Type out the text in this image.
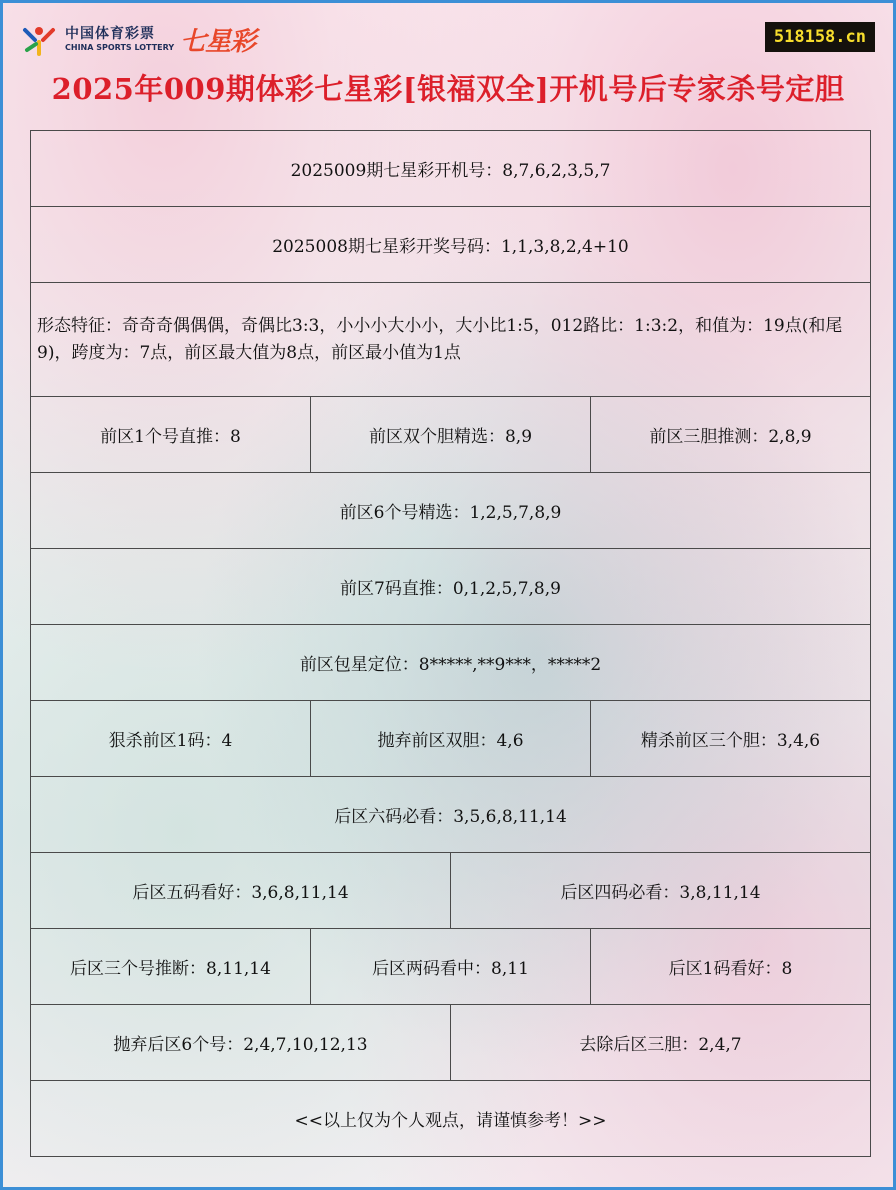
中国体育彩票
CHINA SPORTS LOTTERY 七星彩	518158.cn
2025年009期体彩七星彩[银福双全]开机号后专家杀号定胆
2025009期七星彩开机号：8,7,6,2,3,5,7
2025008期七星彩开奖号码：1,1,3,8,2,4+10
形态特征：奇奇奇偶偶偶，奇偶比3:3，小小小大小小，大小比1:5，012路比：1:3:2，和值为：19点(和尾9)，跨度为：7点，前区最大值为8点，前区最小值为1点
前区1个号直推：8	前区双个胆精选：8,9	前区三胆推测：2,8,9
前区6个号精选：1,2,5,7,8,9
前区7码直推：0,1,2,5,7,8,9
前区包星定位：8*****,**9***，*****2
狠杀前区1码：4	抛弃前区双胆：4,6	精杀前区三个胆：3,4,6
后区六码必看：3,5,6,8,11,14
后区五码看好：3,6,8,11,14	后区四码必看：3,8,11,14
后区三个号推断：8,11,14	后区两码看中：8,11	后区1码看好：8
抛弃后区6个号：2,4,7,10,12,13	去除后区三胆：2,4,7
<<以上仅为个人观点，请谨慎参考！>>
